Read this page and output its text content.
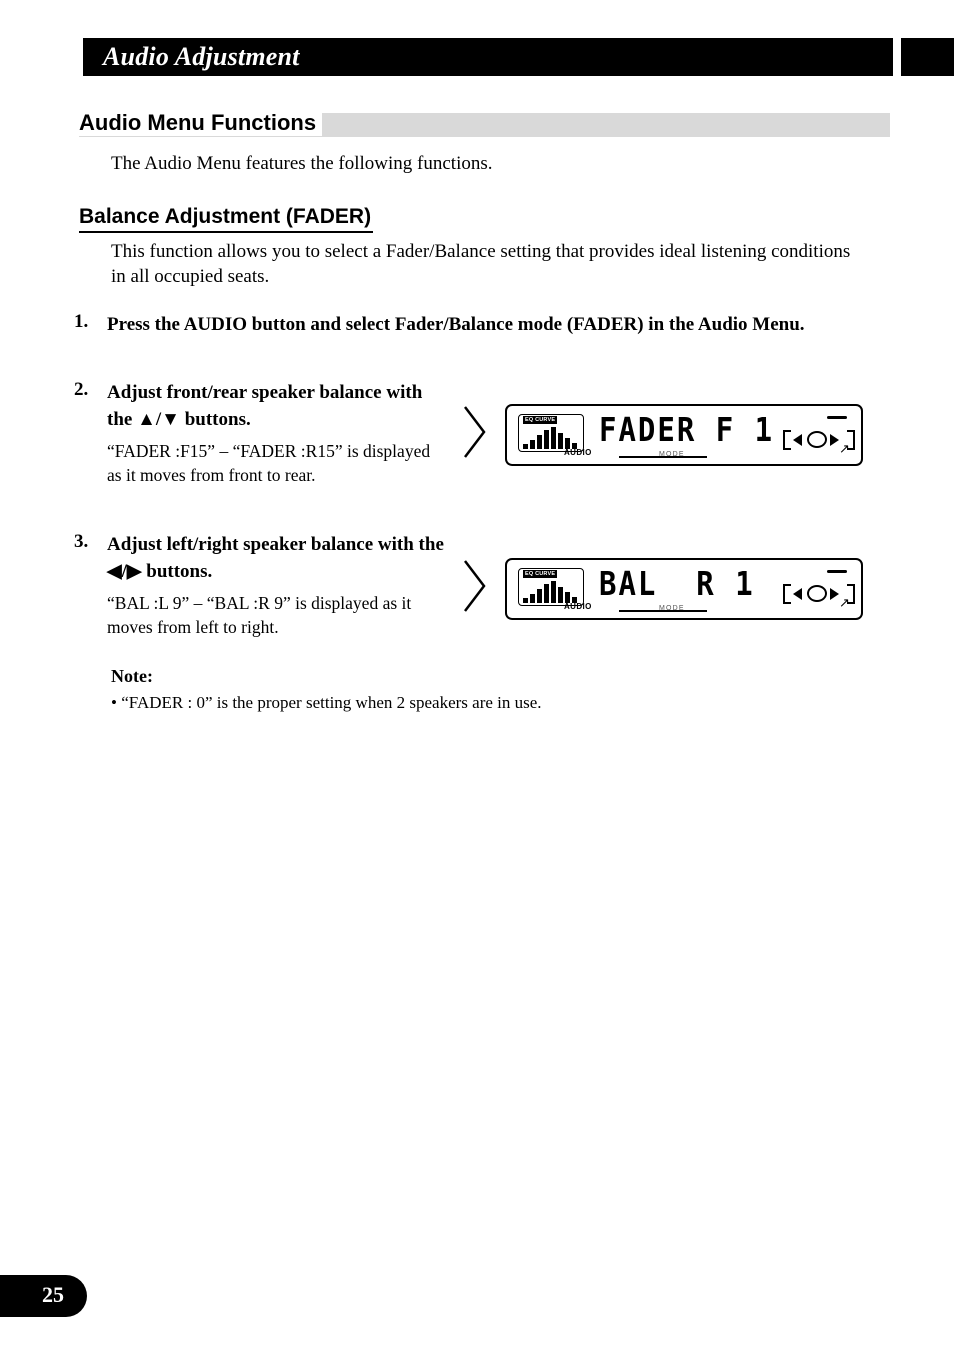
Audio Adjustment
Audio Menu Functions
The Audio Menu features the following functions.
Balance Adjustment (FADER)
This function allows you to select a Fader/Balance setting that provides ideal listening conditions in all occupied seats.
1. Press the AUDIO button and select Fader/Balance mode (FADER) in the Audio Menu.
2. Adjust front/rear speaker balance with the ▲/▼ buttons.
“FADER :F15” – “FADER :R15” is displayed as it moves from front to rear.
3. Adjust left/right speaker balance with the ◀/▶ buttons.
“BAL :L 9” – “BAL :R 9” is displayed as it moves from left to right.
EQ CURVE
AUDIO	MODE
FADER F 1	↗
EQ CURVE
AUDIO	MODE
BAL  R 1	↗
Note:
• “FADER : 0” is the proper setting when 2 speakers are in use.
25
